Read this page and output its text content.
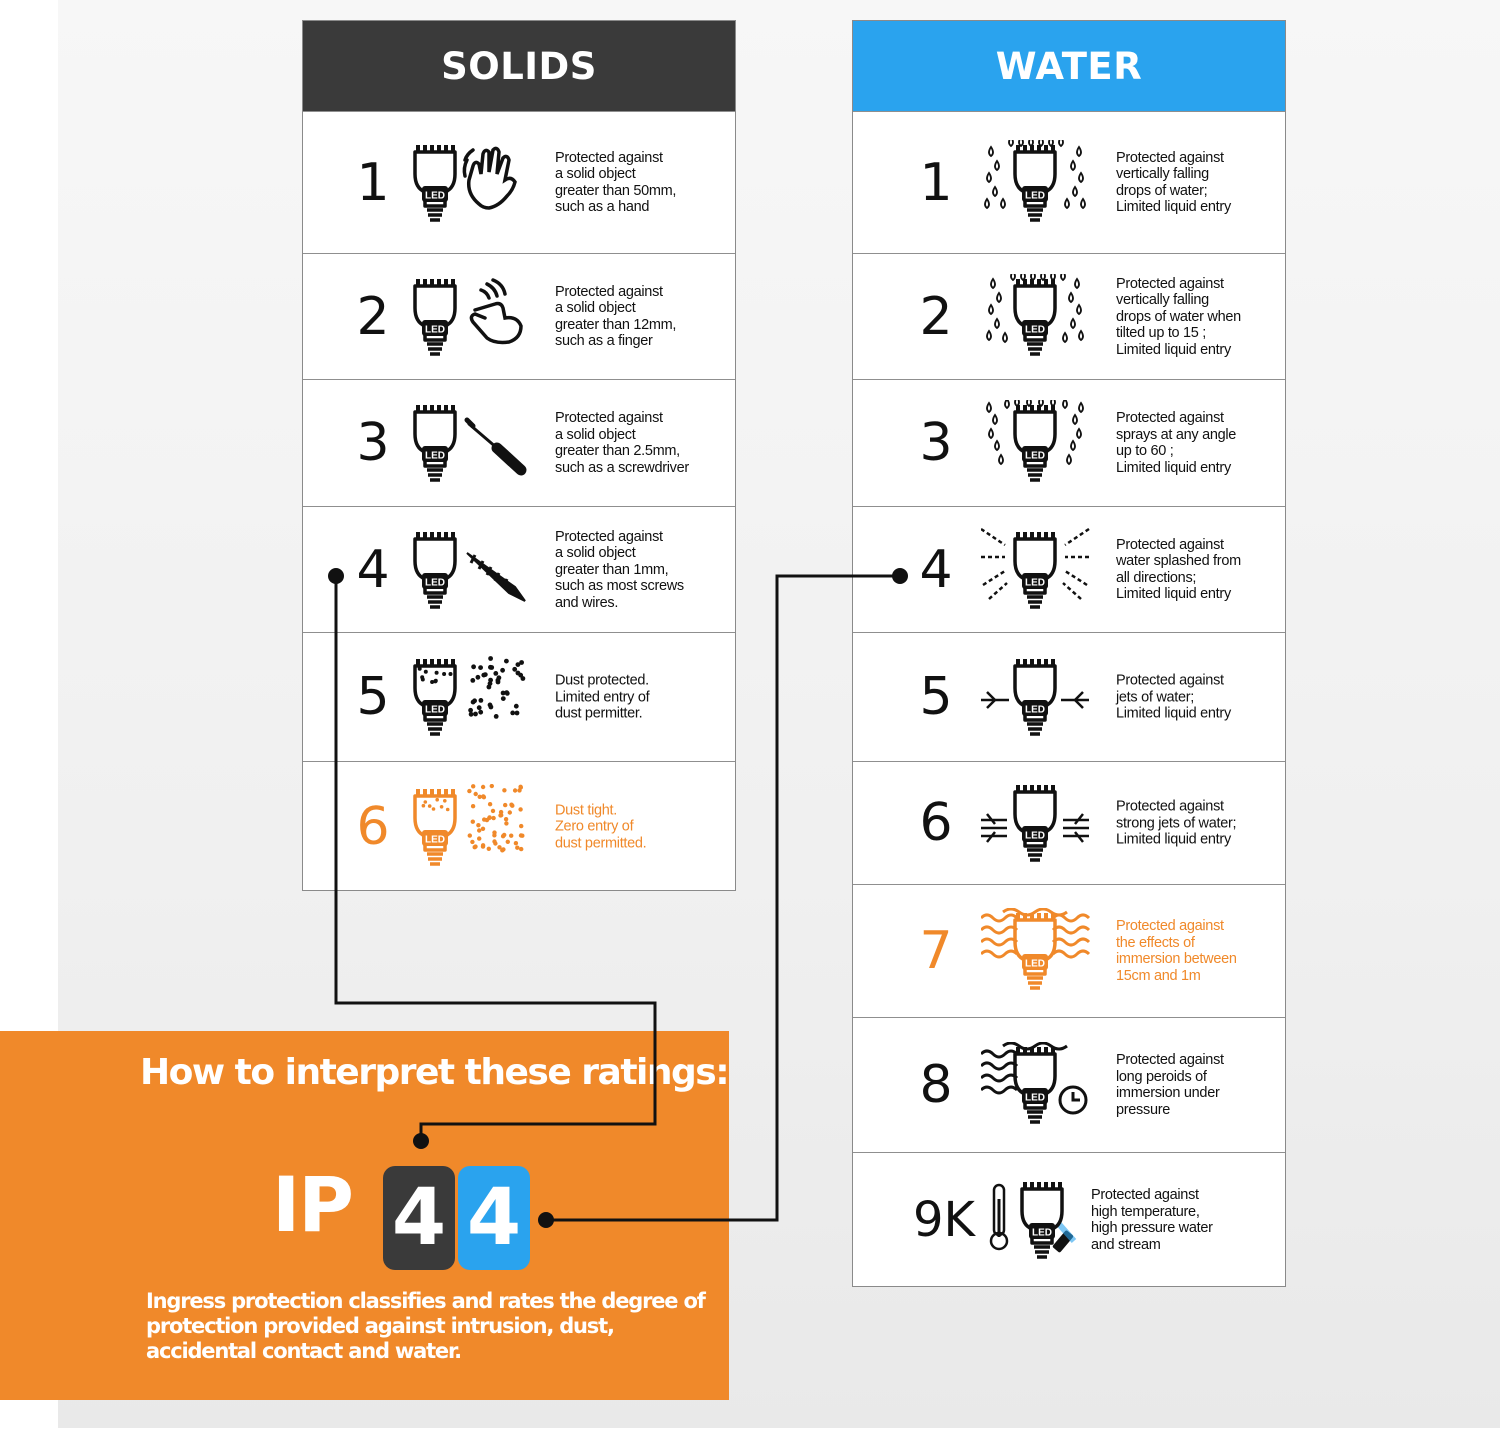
SOLIDS
1	LED
Protected against
a solid object
greater than 50mm,
such as a hand
2	LED
Protected against
a solid object
greater than 12mm,
such as a finger
3	LED
Protected against
a solid object
greater than 2.5mm,
such as a screwdriver
4	LED
Protected against
a solid object
greater than 1mm,
such as most screws
and wires.
5	LED
Dust protected.
Limited entry of
dust permitter.
6	LED
Dust tight.
Zero entry of
dust permitted.
WATER
1	LED
Protected against
vertically falling
drops of water;
Limited liquid entry
2	LED
Protected against
vertically falling
drops of water when
tilted up to 15 ;
Limited liquid entry
3	LED
Protected against
sprays at any angle
up to 60 ;
Limited liquid entry
4	LED
Protected against
water splashed from
all directions;
Limited liquid entry
5	LED
Protected against
jets of water;
Limited liquid entry
6	LED
Protected against
strong jets of water;
Limited liquid entry
7	LED
Protected against
the effects of
immersion between
15cm and 1m
8	LED
Protected against
long peroids of
immersion under
pressure
9K	LED
Protected against
high temperature,
high pressure water
and stream
How to interpret these ratings:
IP 4 4
Ingress protection classifies and rates the degree of protection provided against intrusion, dust, accidental contact and water.
